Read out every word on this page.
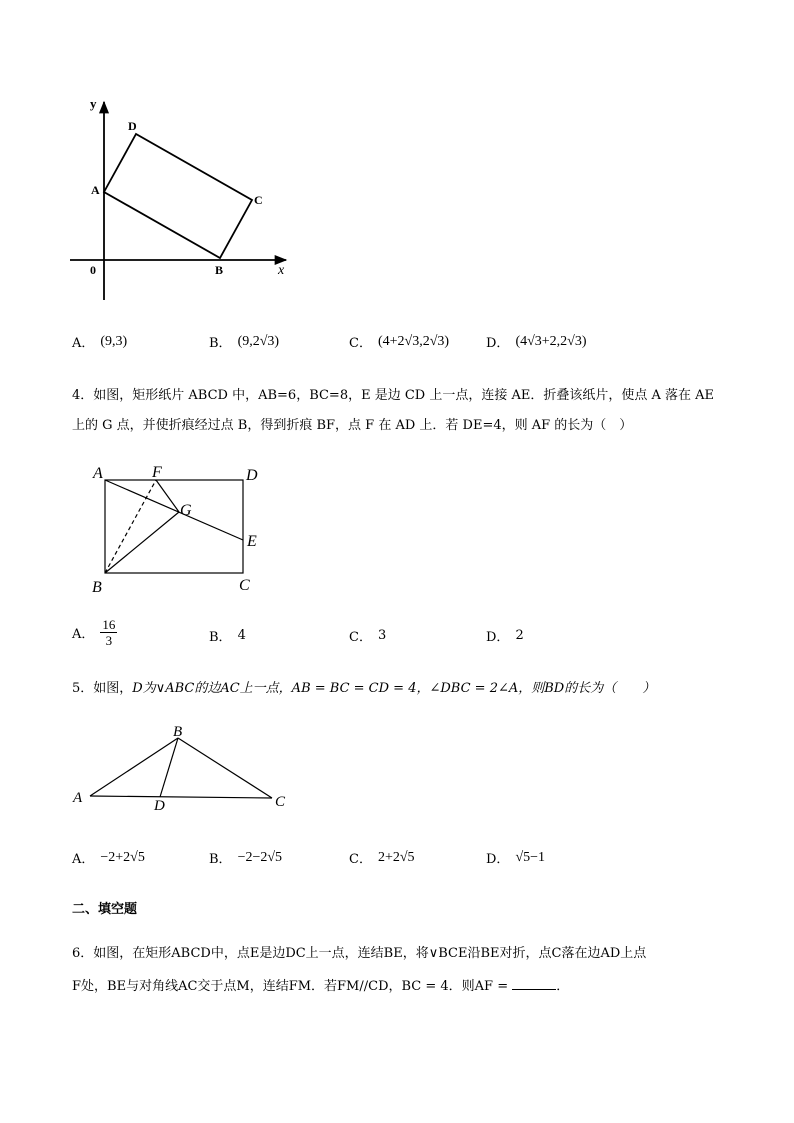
y
x
0
A
D
C
B
A． (9,3)	B． (9,2√3)	C． (4+2√3,2√3)	D． (4√3+2,2√3)
4．如图，矩形纸片 ABCD 中，AB=6，BC=8，E 是边 CD 上一点，连接 AE．折叠该纸片，使点 A 落在 AE
上的 G 点，并使折痕经过点 B，得到折痕 BF，点 F 在 AD 上．若 DE=4，则 AF 的长为（　）
A	F	D
G
E
B	C
A． $\frac{16}{3}$	B． 4	C． 3	D． 2
5．如图，D为∨ABC的边AC上一点，AB = BC = CD = 4，∠DBC = 2∠A，则BD的长为（　　）
A
B
C
D
A． −2+2√5	B． −2−2√5	C． 2+2√5	D． √5−1
二、填空题
6．如图，在矩形ABCD中，点E是边DC上一点，连结BE，将∨BCE沿BE对折，点C落在边AD上点
F处，BE与对角线AC交于点M，连结FM．若FM//CD，BC = 4．则AF =	．
